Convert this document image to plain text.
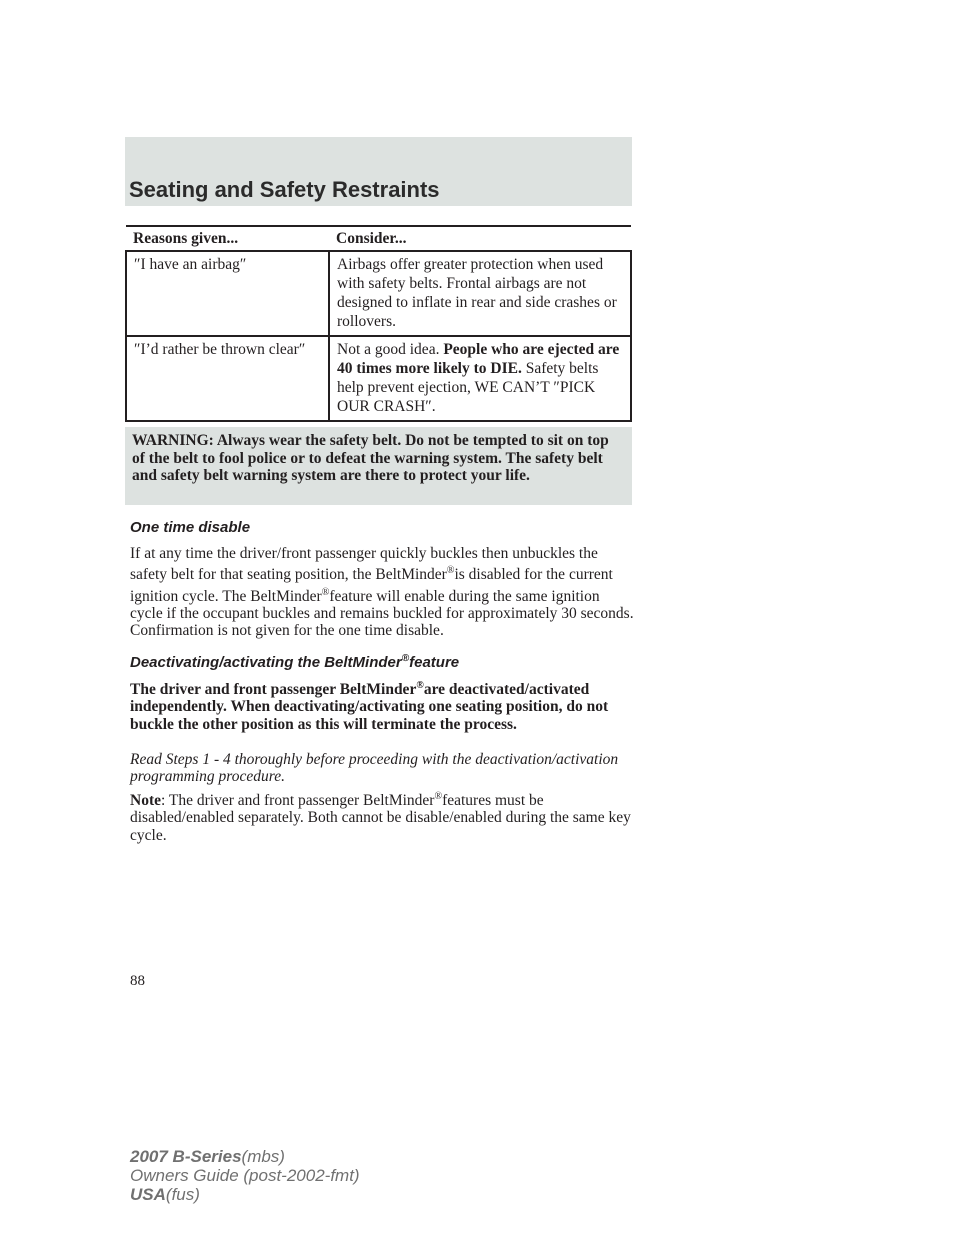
Seating and Safety Restraints
Reasons given...	Consider...
″I have an airbag″	Airbags offer greater protection when used with safety belts. Frontal airbags are not designed to inflate in rear and side crashes or rollovers.
″I’d rather be thrown clear″	Not a good idea. People who are ejected are 40 times more likely to DIE. Safety belts help prevent ejection, WE CAN’T ″PICK OUR CRASH″.
WARNING: Always wear the safety belt. Do not be tempted to sit on top of the belt to fool police or to defeat the warning system. The safety belt and safety belt warning system are there to protect your life.
One time disable

If at any time the driver/front passenger quickly buckles then unbuckles the safety belt for that seating position, the BeltMinder®is disabled for the current ignition cycle. The BeltMinder®feature will enable during the same ignition cycle if the occupant buckles and remains buckled for approximately 30 seconds. Confirmation is not given for the one time disable.

Deactivating/activating the BeltMinder®feature

The driver and front passenger BeltMinder®are deactivated/activated independently. When deactivating/activating one seating position, do not buckle the other position as this will terminate the process.

Read Steps 1 - 4 thoroughly before proceeding with the deactivation/activation programming procedure.

Note: The driver and front passenger BeltMinder®features must be disabled/enabled separately. Both cannot be disable/enabled during the same key cycle.

88
2007 B-Series(mbs)
Owners Guide (post-2002-fmt)
USA(fus)
